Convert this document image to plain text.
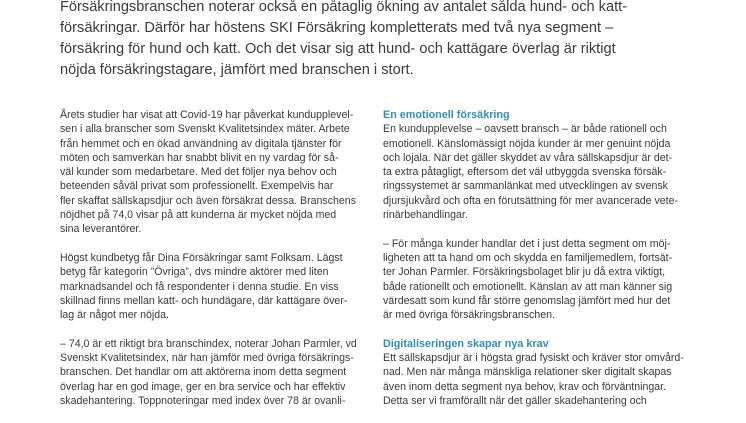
Försäkringsbranschen noterar också en påtaglig ökning av antalet sålda hund- och katt-
försäkringar. Därför har höstens SKI Försäkring kompletterats med två nya segment –
försäkring för hund och katt. Och det visar sig att hund- och kattägare överlag är riktigt
nöjda försäkringstagare, jämfört med branschen i stort.

Årets studier har visat att Covid-19 har påverkat kundupplevel-
sen i alla branscher som Svenskt Kvalitetsindex mäter. Arbete
från hemmet och en ökad användning av digitala tjänster för
möten och samverkan har snabbt blivit en ny vardag för så-
väl kunder som medarbetare. Med det följer nya behov och
beteenden såväl privat som professionellt. Exempelvis har
fler skaffat sällskapsdjur och även försäkrat dessa. Branschens
nöjdhet på 74,0 visar på att kunderna är mycket nöjda med
sina leverantörer.

Högst kundbetyg får Dina Försäkringar samt Folksam. Lägst
betyg får kategorin ”Övriga”, dvs mindre aktörer med liten
marknadsandel och få respondenter i denna studie. En viss
skillnad finns mellan katt- och hundägare, där kattägare över-
lag är något mer nöjda.

– 74,0 är ett riktigt bra branschindex, noterar Johan Parmler, vd
Svenskt Kvalitetsindex, när han jämför med övriga försäkrings-
branschen. Det handlar om att aktörerna inom detta segment
överlag har en god image, ger en bra service och har effektiv
skadehantering. Toppnoteringar med index över 78 är ovanli-

En emotionell försäkring

En kundupplevelse – oavsett bransch – är både rationell och
emotionell. Känslomässigt nöjda kunder är mer genuint nöjda
och lojala. När det gäller skyddet av våra sällskapsdjur är det-
ta extra påtagligt, eftersom det väl utbyggda svenska försäk-
ringssystemet är sammanlänkat med utvecklingen av svensk
djursjukvård och ofta en förutsättning för mer avancerade vete-
rinärbehandlingar.

– För många kunder handlar det i just detta segment om möj-
ligheten att ta hand om och skydda en familjemedlem, fortsät-
ter Johan Parmler. Försäkringsbolaget blir ju då extra viktigt,
både rationellt och emotionellt. Känslan av att man känner sig
värdesatt som kund får större genomslag jämfört med hur det
är med övriga försäkringsbranschen.

Digitaliseringen skapar nya krav

Ett sällskapsdjur är i högsta grad fysiskt och kräver stor omvård-
nad. Men när många mänskliga relationer sker digitalt skapas
även inom detta segment nya behov, krav och förväntningar.
Detta ser vi framförallt när det gäller skadehantering och
